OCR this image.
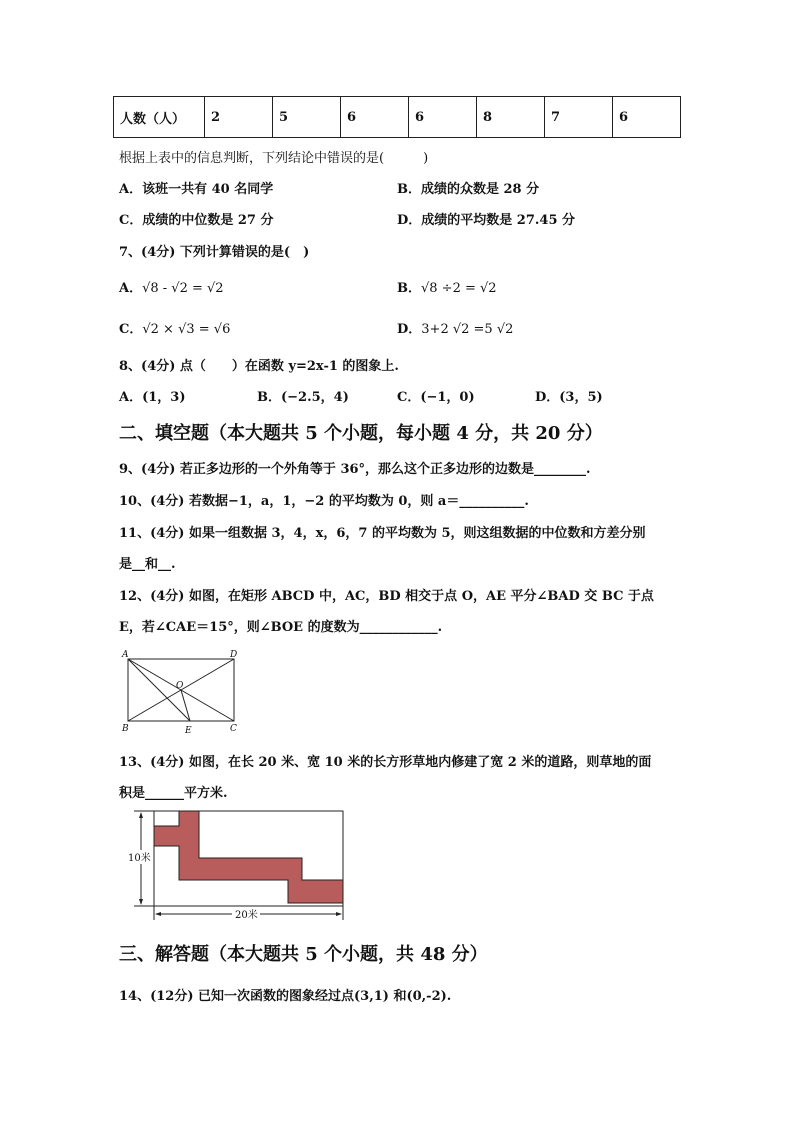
人数（人）	2	5	6	6	8	7	6
根据上表中的信息判断，下列结论中错误的是(　　　)
A．该班一共有 40 名同学	B．成绩的众数是 28 分
C．成绩的中位数是 27 分	D．成绩的平均数是 27.45 分
7、(4分) 下列计算错误的是(　)
A．√8 - √2 = √2	B．√8 ÷2 = √2
C．√2 × √3 = √6	D．3+2 √2 =5 √2
8、(4分) 点（　　）在函数 y=2x-1 的图象上.
A．(1，3)	B．(−2.5，4)	C．(−1，0)	D．(3，5)
二、填空题（本大题共 5 个小题，每小题 4 分，共 20 分）
9、(4分) 若正多边形的一个外角等于 36°，那么这个正多边形的边数是________.
10、(4分) 若数据−1，a，1，−2 的平均数为 0，则 a＝__________.
11、(4分) 如果一组数据 3，4，x，6，7 的平均数为 5，则这组数据的中位数和方差分别
是__和__.
12、(4分) 如图，在矩形 ABCD 中，AC，BD 相交于点 O，AE 平分∠BAD 交 BC 于点
E，若∠CAE＝15°，则∠BOE 的度数为____________.
A	D
O
B	E	C
13、(4分) 如图，在长 20 米、宽 10 米的长方形草地内修建了宽 2 米的道路，则草地的面
积是______平方米.
10米
20米
三、解答题（本大题共 5 个小题，共 48 分）
14、(12分) 已知一次函数的图象经过点(3,1) 和(0,-2).
